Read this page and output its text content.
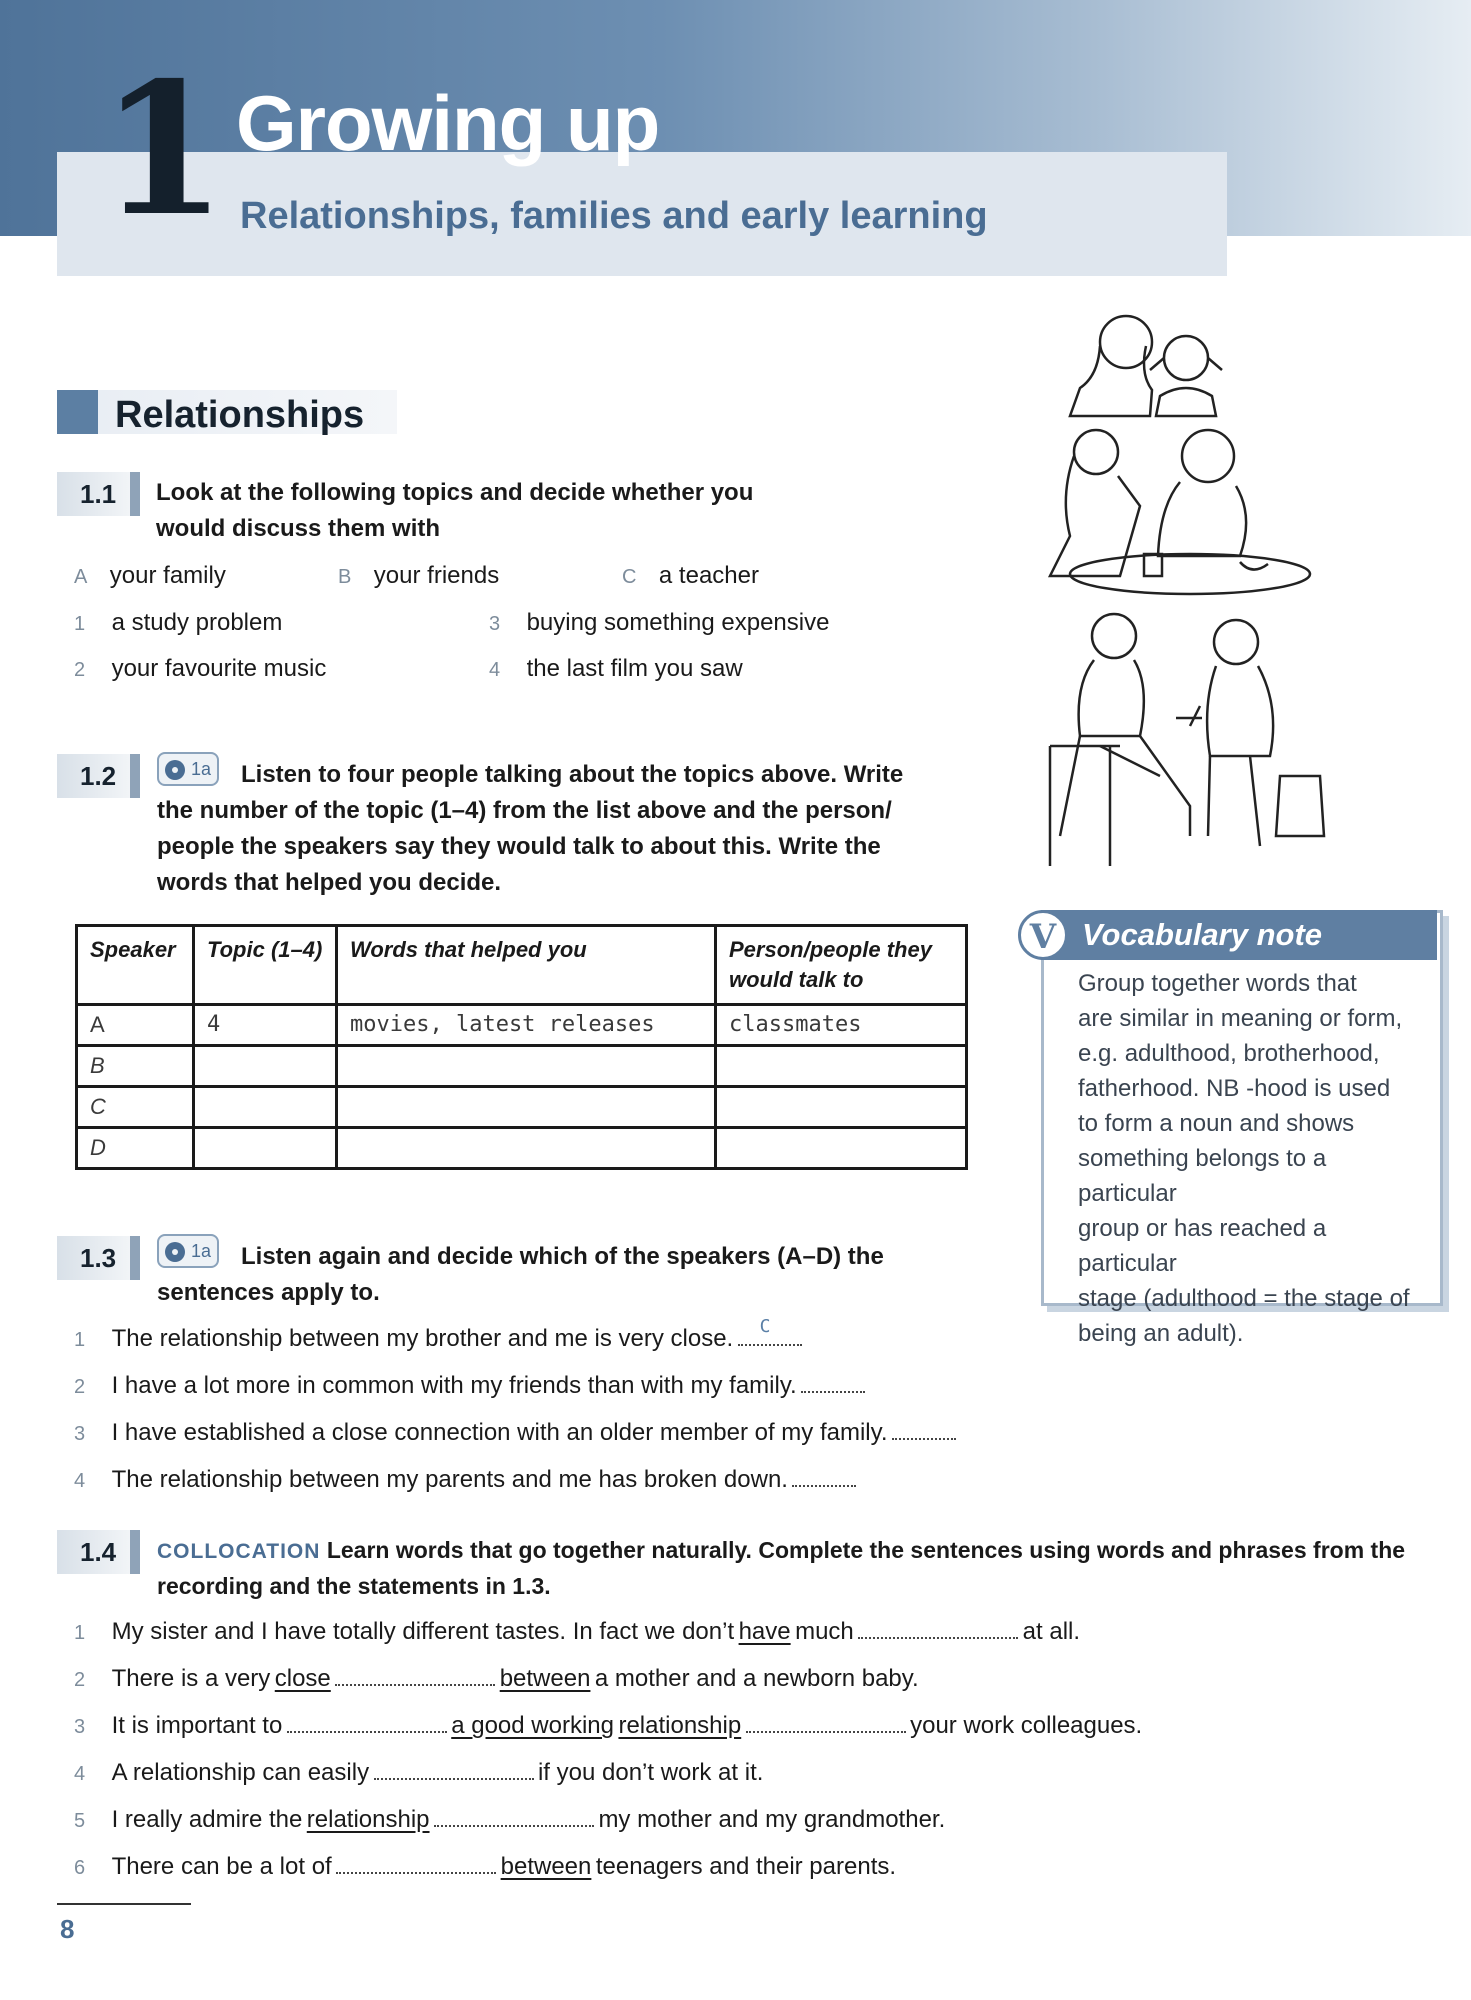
1 Growing up
Relationships, families and early learning
Relationships
1.1 Look at the following topics and decide whether you
would discuss them with
A your family	B your friends	C a teacher
1 a study problem
2 your favourite music
3 buying something expensive
4 the last film you saw
1.2	1a	Listen to four people talking about the topics above. Write
the number of the topic (1–4) from the list above and the person/
people the speakers say they would talk to about this. Write the
words that helped you decide.
Speaker	Topic (1–4)	Words that helped you	Person/people they would talk to
A	4	movies, latest releases	classmates
B			
C			
D			
1.3	1a	Listen again and decide which of the speakers (A–D) the
sentences apply to.
1 The relationship between my brother and me is very close. C
2 I have a lot more in common with my friends than with my family.
3 I have established a close connection with an older member of my family.
4 The relationship between my parents and me has broken down.
1.4 COLLOCATION Learn words that go together naturally. Complete the sentences using words and phrases from the
recording and the statements in 1.3.
1 My sister and I have totally different tastes. In fact we don’t have much	at all.
2 There is a very close	between a mother and a newborn baby.
3 It is important to	a good working relationship	your work colleagues.
4 A relationship can easily	if you don’t work at it.
5 I really admire the relationship	my mother and my grandmother.
6 There can be a lot of	between teenagers and their parents.
V Vocabulary note
Group together words that
are similar in meaning or form,
e.g. adulthood, brotherhood,
fatherhood. NB -hood is used
to form a noun and shows
something belongs to a particular
group or has reached a particular
stage (adulthood = the stage of
being an adult).
8
